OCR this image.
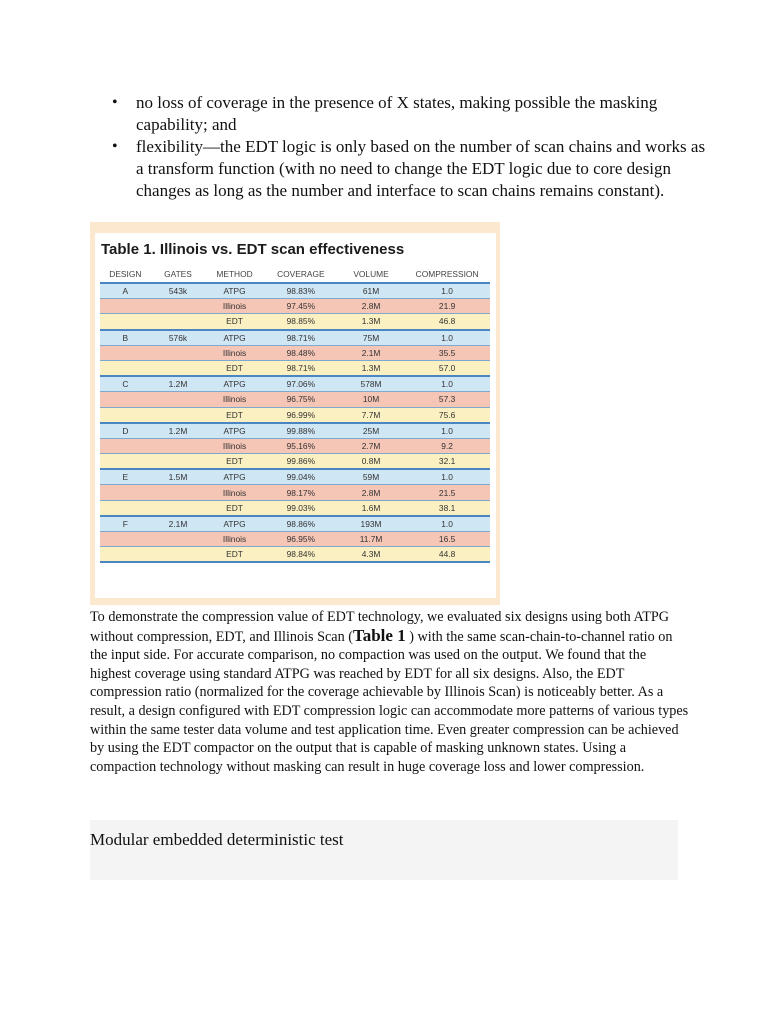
• no loss of coverage in the presence of X states, making possible the masking capability; and
• flexibility—the EDT logic is only based on the number of scan chains and works as a transform function (with no need to change the EDT logic due to core design changes as long as the number and interface to scan chains remains constant).
Table 1. Illinois vs. EDT scan effectiveness
DESIGN	GATES	METHOD	COVERAGE	VOLUME	COMPRESSION
A	543k	ATPG	98.83%	61M	1.0
		Illinois	97.45%	2.8M	21.9
		EDT	98.85%	1.3M	46.8
B	576k	ATPG	98.71%	75M	1.0
		Illinois	98.48%	2.1M	35.5
		EDT	98.71%	1.3M	57.0
C	1.2M	ATPG	97.06%	578M	1.0
		Illinois	96.75%	10M	57.3
		EDT	96.99%	7.7M	75.6
D	1.2M	ATPG	99.88%	25M	1.0
		Illinois	95.16%	2.7M	9.2
		EDT	99.86%	0.8M	32.1
E	1.5M	ATPG	99.04%	59M	1.0
		Illinois	98.17%	2.8M	21.5
		EDT	99.03%	1.6M	38.1
F	2.1M	ATPG	98.86%	193M	1.0
		Illinois	96.95%	11.7M	16.5
		EDT	98.84%	4.3M	44.8

To demonstrate the compression value of EDT technology, we evaluated six designs using both ATPG without compression, EDT, and Illinois Scan (Table 1 ) with the same scan-chain-to-channel ratio on the input side. For accurate comparison, no compaction was used on the output. We found that the highest coverage using standard ATPG was reached by EDT for all six designs. Also, the EDT compression ratio (normalized for the coverage achievable by Illinois Scan) is noticeably better. As a result, a design configured with EDT compression logic can accommodate more patterns of various types within the same tester data volume and test application time. Even greater compression can be achieved by using the EDT compactor on the output that is capable of masking unknown states. Using a compaction technology without masking can result in huge coverage loss and lower compression.

Modular embedded deterministic test
